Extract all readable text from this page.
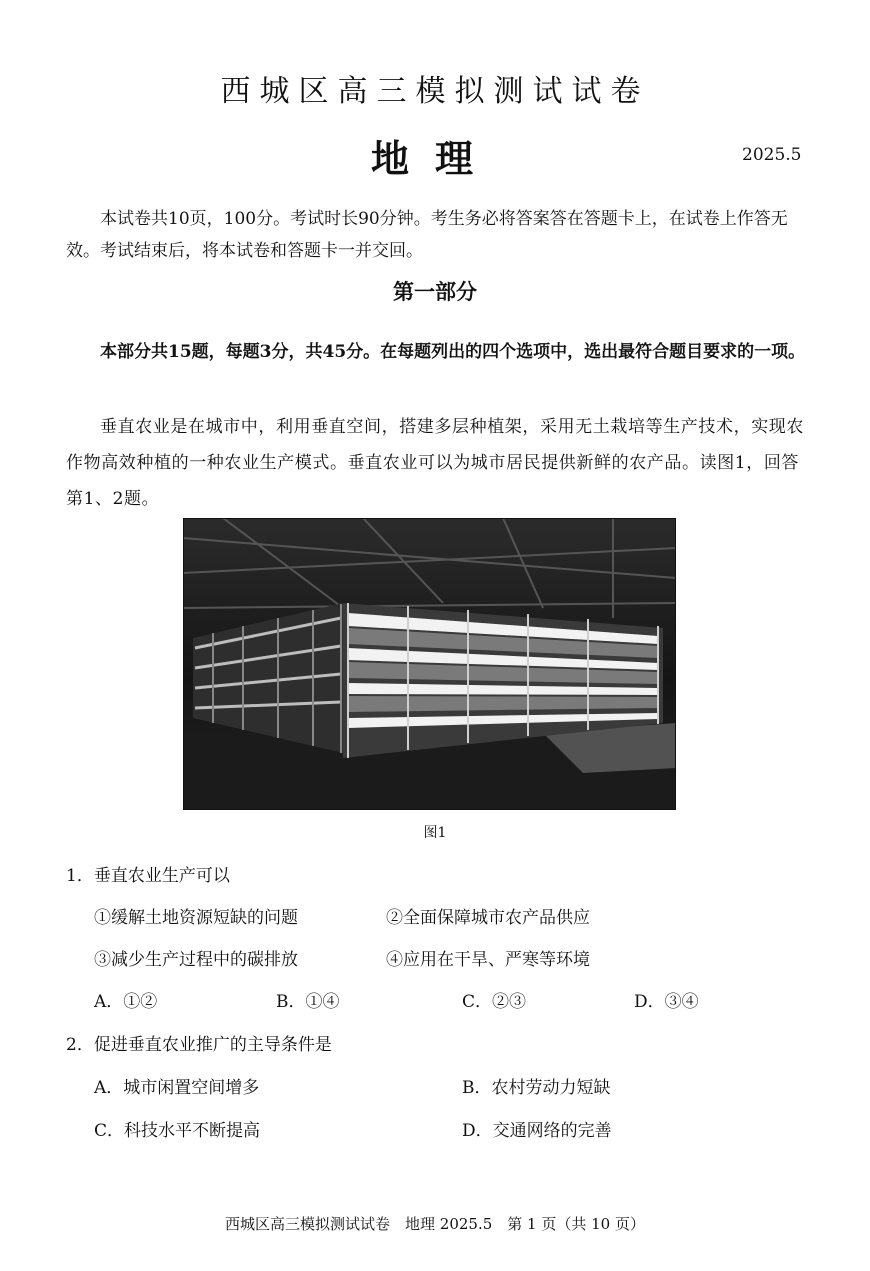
西城区高三模拟测试试卷
地理	2025.5
本试卷共10页，100分。考试时长90分钟。考生务必将答案答在答题卡上，在试卷上作答无效。考试结束后，将本试卷和答题卡一并交回。
第一部分
本部分共15题，每题3分，共45分。在每题列出的四个选项中，选出最符合题目要求的一项。
垂直农业是在城市中，利用垂直空间，搭建多层种植架，采用无土栽培等生产技术，实现农作物高效种植的一种农业生产模式。垂直农业可以为城市居民提供新鲜的农产品。读图1，回答第1、2题。
图1
1．垂直农业生产可以
①缓解土地资源短缺的问题	②全面保障城市农产品供应
③减少生产过程中的碳排放	④应用在干旱、严寒等环境
A．①②	B．①④	C．②③	D．③④
2．促进垂直农业推广的主导条件是
A．城市闲置空间增多	B．农村劳动力短缺
C．科技水平不断提高	D．交通网络的完善
西城区高三模拟测试试卷　地理 2025.5　第 1 页（共 10 页）
